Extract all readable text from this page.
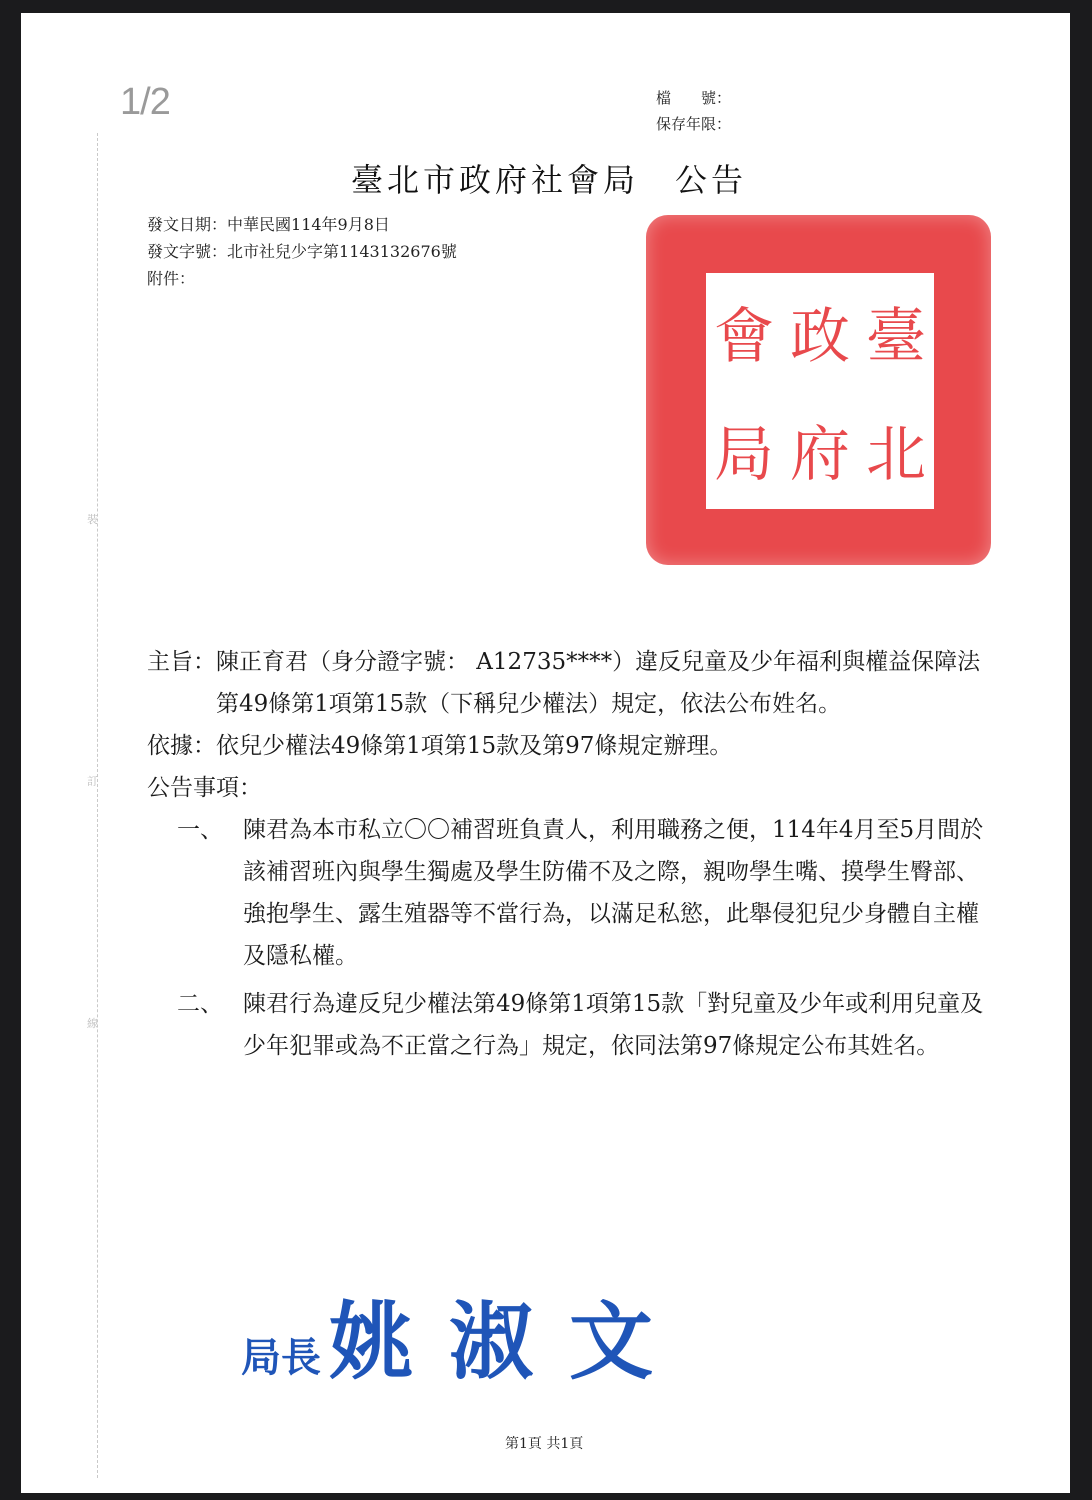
1/2	檔　　號：
保存年限：
裝
訂
線
臺北市政府社會局　公告
發文日期：中華民國114年9月8日
發文字號：北市社兒少字第1143132676號
附件：
會
局
政
府
臺
北
主旨： 陳正育君（身分證字號： A12735****）違反兒童及少年福利與權益保障法第49條第1項第15款（下稱兒少權法）規定，依法公布姓名。
依據： 依兒少權法49條第1項第15款及第97條規定辦理。
公告事項：
一、 陳君為本市私立〇〇補習班負責人，利用職務之便，114年4月至5月間於該補習班內與學生獨處及學生防備不及之際，親吻學生嘴、摸學生臀部、強抱學生、露生殖器等不當行為，以滿足私慾，此舉侵犯兒少身體自主權及隱私權。
二、 陳君行為違反兒少權法第49條第1項第15款「對兒童及少年或利用兒童及少年犯罪或為不正當之行為」規定，依同法第97條規定公布其姓名。
局長姚淑文
第1頁 共1頁
